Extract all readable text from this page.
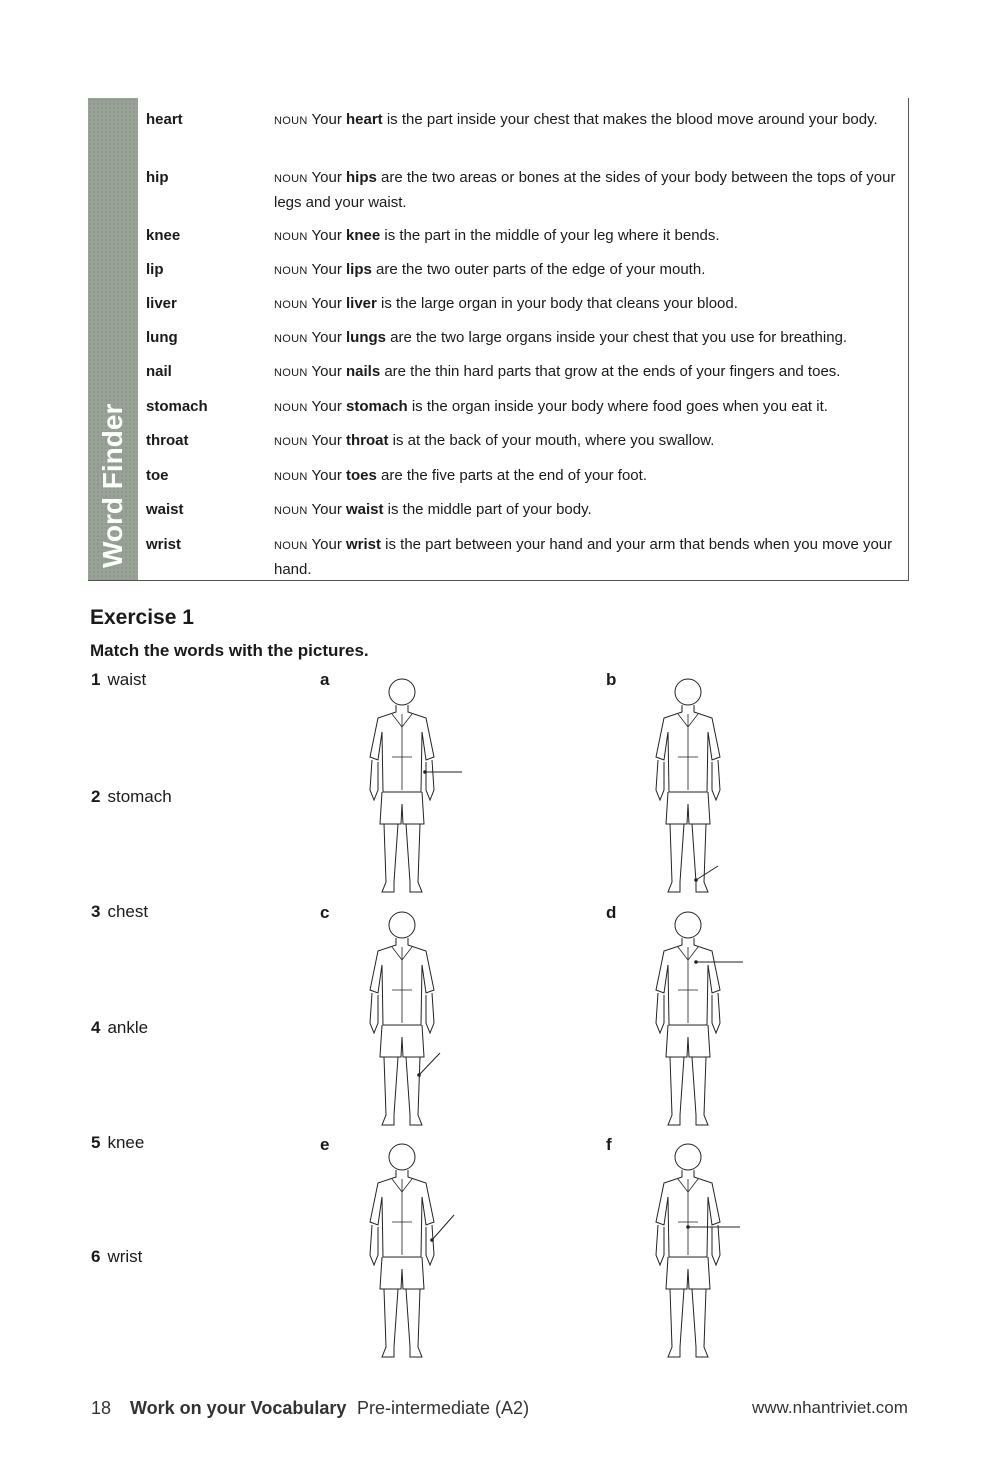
Word Finder
heart	NOUN Your heart is the part inside your chest that makes the blood move around your body.
hip	NOUN Your hips are the two areas or bones at the sides of your body between the tops of your legs and your waist.
knee	NOUN Your knee is the part in the middle of your leg where it bends.
lip	NOUN Your lips are the two outer parts of the edge of your mouth.
liver	NOUN Your liver is the large organ in your body that cleans your blood.
lung	NOUN Your lungs are the two large organs inside your chest that you use for breathing.
nail	NOUN Your nails are the thin hard parts that grow at the ends of your fingers and toes.
stomach	NOUN Your stomach is the organ inside your body where food goes when you eat it.
throat	NOUN Your throat is at the back of your mouth, where you swallow.
toe	NOUN Your toes are the five parts at the end of your foot.
waist	NOUN Your waist is the middle part of your body.
wrist	NOUN Your wrist is the part between your hand and your arm that bends when you move your hand.
Exercise 1
Match the words with the pictures.
1 waist
2 stomach
3 chest
4 ankle
5 knee
6 wrist
a	b
c	d
e	f
18 Work on your Vocabulary Pre-intermediate (A2)	www.nhantriviet.com
